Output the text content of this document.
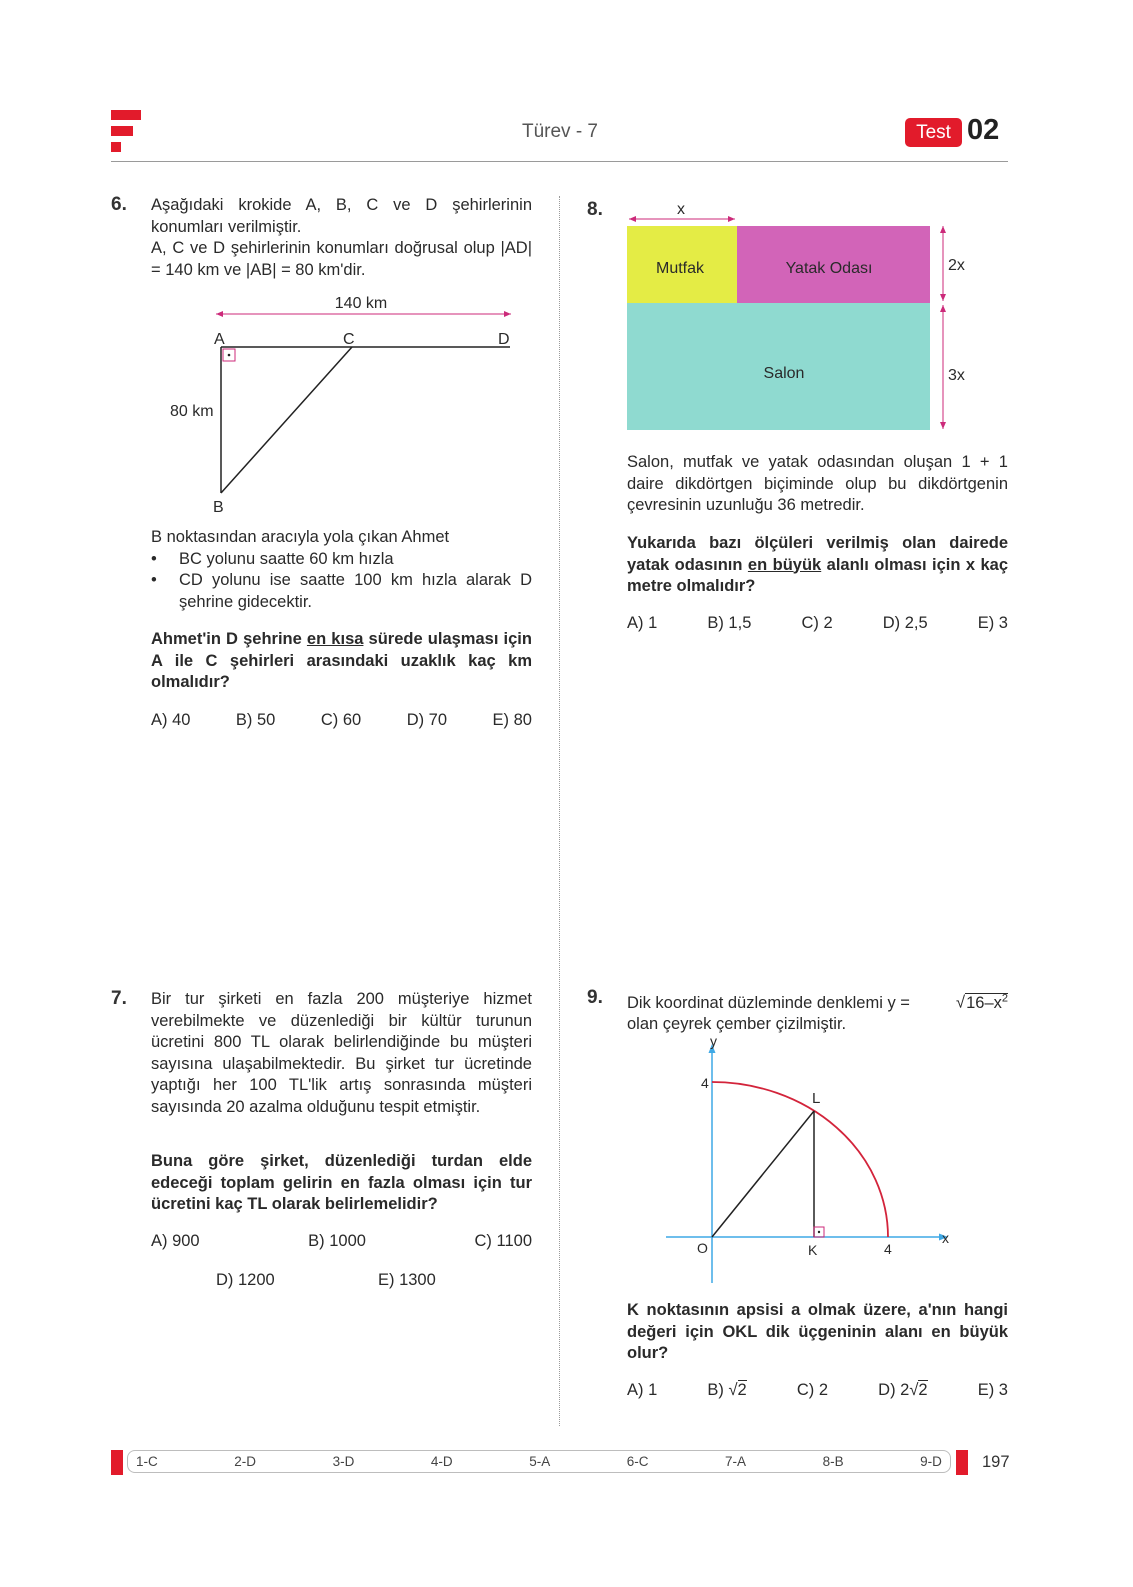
Türev - 7	Test 02
6. Aşağıdaki krokide A, B, C ve D şehirlerinin konumları verilmiştir.
A, C ve D şehirlerinin konumları doğrusal olup |AD| = 140 km ve |AB| = 80 km'dir.
140 km
A	C	D
B
80 km
B noktasından aracıyla yola çıkan Ahmet
• BC yolunu saatte 60 km hızla
• CD yolunu ise saatte 100 km hızla alarak D şehrine gidecektir.
Ahmet'in D şehrine en kısa sürede ulaşması için A ile C şehirleri arasındaki uzaklık kaç km olmalıdır?
A) 40	B) 50	C) 60	D) 70	E) 80
7. Bir tur şirketi en fazla 200 müşteriye hizmet verebilmekte ve düzenlediği bir kültür turunun ücretini 800 TL olarak belirlendiğinde bu müşteri sayısına ulaşabilmektedir. Bu şirket tur ücretinde yaptığı her 100 TL'lik artış sonrasında müşteri sayısında 20 azalma olduğunu tespit etmiştir.
Buna göre şirket, düzenlediği turdan elde edeceği toplam gelirin en fazla olması için tur ücretini kaç TL olarak belirlemelidir?
A) 900	B) 1000	C) 1100
D) 1200	E) 1300
8.	x
Mutfak	Yatak Odası
Salon
2x
3x
Salon, mutfak ve yatak odasından oluşan 1 + 1 daire dikdörtgen biçiminde olup bu dikdörtgenin çevresinin uzunluğu 36 metredir.
Yukarıda bazı ölçüleri verilmiş olan dairede yatak odasının en büyük alanlı olması için x kaç metre olmalıdır?
A) 1	B) 1,5	C) 2	D) 2,5	E) 3
9. Dik koordinat düzleminde denklemi y =	$√16-x^2$
olan çeyrek çember çizilmiştir.
y
x
4
4
O	K
L
K noktasının apsisi a olmak üzere, a'nın hangi değeri için OKL dik üçgeninin alanı en büyük olur?
A) 1	B) √2	C) 2	D) 2√2	E) 3
1-C	2-D	3-D	4-D	5-A	6-C	7-A	8-B	9-D 197
